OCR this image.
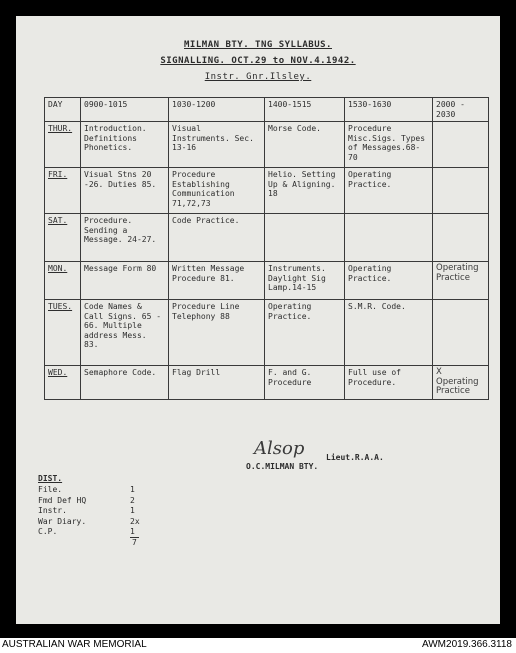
MILMAN BTY. TNG SYLLABUS.
SIGNALLING. OCT.29 to NOV.4.1942.
Instr. Gnr.Ilsley.
DAY	0900-1015	1030-1200	1400-1515	1530-1630	2000 - 2030
THUR.	Introduction. Definitions Phonetics.	Visual Instruments. Sec. 13-16	Morse Code.	Procedure Misc.Sigs. Types of Messages.68-70	
FRI.	Visual Stns 20 -26. Duties 85.	Procedure Establishing Communication 71,72,73	Helio. Setting Up & Aligning. 18	Operating Practice.	
SAT.	Procedure. Sending a Message. 24-27.	Code Practice.			
MON.	Message Form 80	Written Message Procedure 81.	Instruments. Daylight Sig Lamp.14-15	Operating Practice.	Operating Practice
TUES.	Code Names & Call Signs. 65 - 66. Multiple address Mess. 83.	Procedure Line Telephony 88	Operating Practice.	S.M.R. Code.	
WED.	Semaphore Code.	Flag Drill	F. and G. Procedure	Full use of Procedure.	X Operating Practice
Alsop	Lieut.R.A.A.
O.C.MILMAN BTY.
DIST.
File.	1
Fmd Def HQ	2
Instr.	1
War Diary.	2x
C.P.	1
7
AUSTRALIAN WAR MEMORIAL	AWM2019.366.3118
